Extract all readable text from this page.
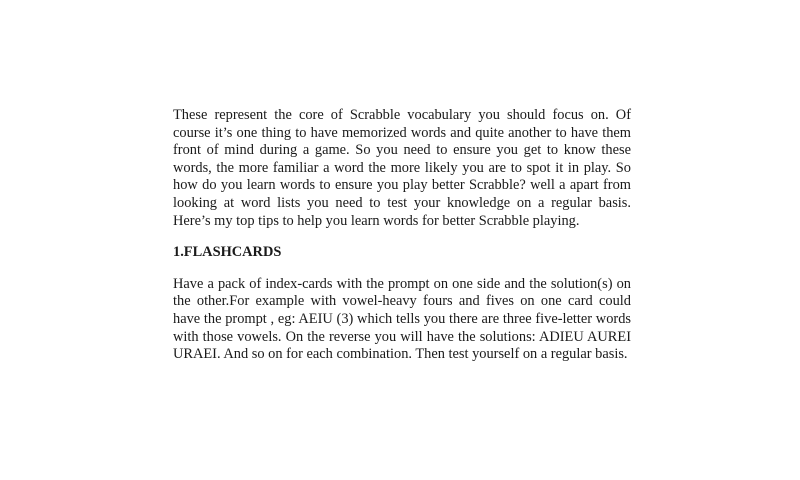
These represent the core of Scrabble vocabulary you should focus on. Of course it’s one thing to have memorized words and quite another to have them front of mind during a game. So you need to ensure you get to know these words, the more familiar a word the more likely you are to spot it in play. So how do you learn words to ensure you play better Scrabble? well a apart from looking at word lists you need to test your knowledge on a regular basis. Here’s my top tips to help you learn words for better Scrabble playing.

1.FLASHCARDS

Have a pack of index-cards with the prompt on one side and the solution(s) on the other.For example with vowel-heavy fours and fives on one card could have the prompt , eg: AEIU (3) which tells you there are three five-letter words with those vowels. On the reverse you will have the solutions: ADIEU AUREI URAEI. And so on for each combination. Then test yourself on a regular basis.
